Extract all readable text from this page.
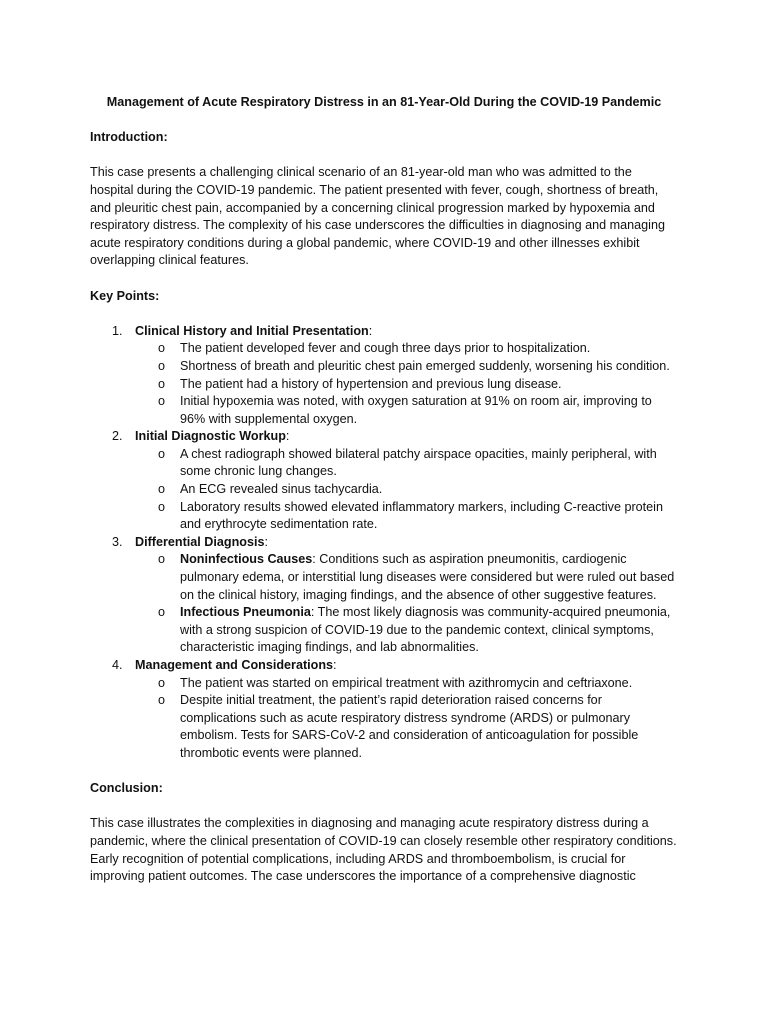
Management of Acute Respiratory Distress in an 81-Year-Old During the COVID-19 Pandemic
Introduction:

This case presents a challenging clinical scenario of an 81-year-old man who was admitted to the hospital during the COVID-19 pandemic. The patient presented with fever, cough, shortness of breath, and pleuritic chest pain, accompanied by a concerning clinical progression marked by hypoxemia and respiratory distress. The complexity of his case underscores the difficulties in diagnosing and managing acute respiratory conditions during a global pandemic, where COVID-19 and other illnesses exhibit overlapping clinical features.

Key Points:
1. Clinical History and Initial Presentation:
o The patient developed fever and cough three days prior to hospitalization.
o Shortness of breath and pleuritic chest pain emerged suddenly, worsening his condition.
o The patient had a history of hypertension and previous lung disease.
o Initial hypoxemia was noted, with oxygen saturation at 91% on room air, improving to 96% with supplemental oxygen.
2. Initial Diagnostic Workup:
o A chest radiograph showed bilateral patchy airspace opacities, mainly peripheral, with some chronic lung changes.
o An ECG revealed sinus tachycardia.
o Laboratory results showed elevated inflammatory markers, including C-reactive protein and erythrocyte sedimentation rate.
3. Differential Diagnosis:
o Noninfectious Causes: Conditions such as aspiration pneumonitis, cardiogenic pulmonary edema, or interstitial lung diseases were considered but were ruled out based on the clinical history, imaging findings, and the absence of other suggestive features.
o Infectious Pneumonia: The most likely diagnosis was community-acquired pneumonia, with a strong suspicion of COVID-19 due to the pandemic context, clinical symptoms, characteristic imaging findings, and lab abnormalities.
4. Management and Considerations:
o The patient was started on empirical treatment with azithromycin and ceftriaxone.
o Despite initial treatment, the patient’s rapid deterioration raised concerns for complications such as acute respiratory distress syndrome (ARDS) or pulmonary embolism. Tests for SARS-CoV-2 and consideration of anticoagulation for possible thrombotic events were planned.
Conclusion:

This case illustrates the complexities in diagnosing and managing acute respiratory distress during a pandemic, where the clinical presentation of COVID-19 can closely resemble other respiratory conditions. Early recognition of potential complications, including ARDS and thromboembolism, is crucial for improving patient outcomes. The case underscores the importance of a comprehensive diagnostic
